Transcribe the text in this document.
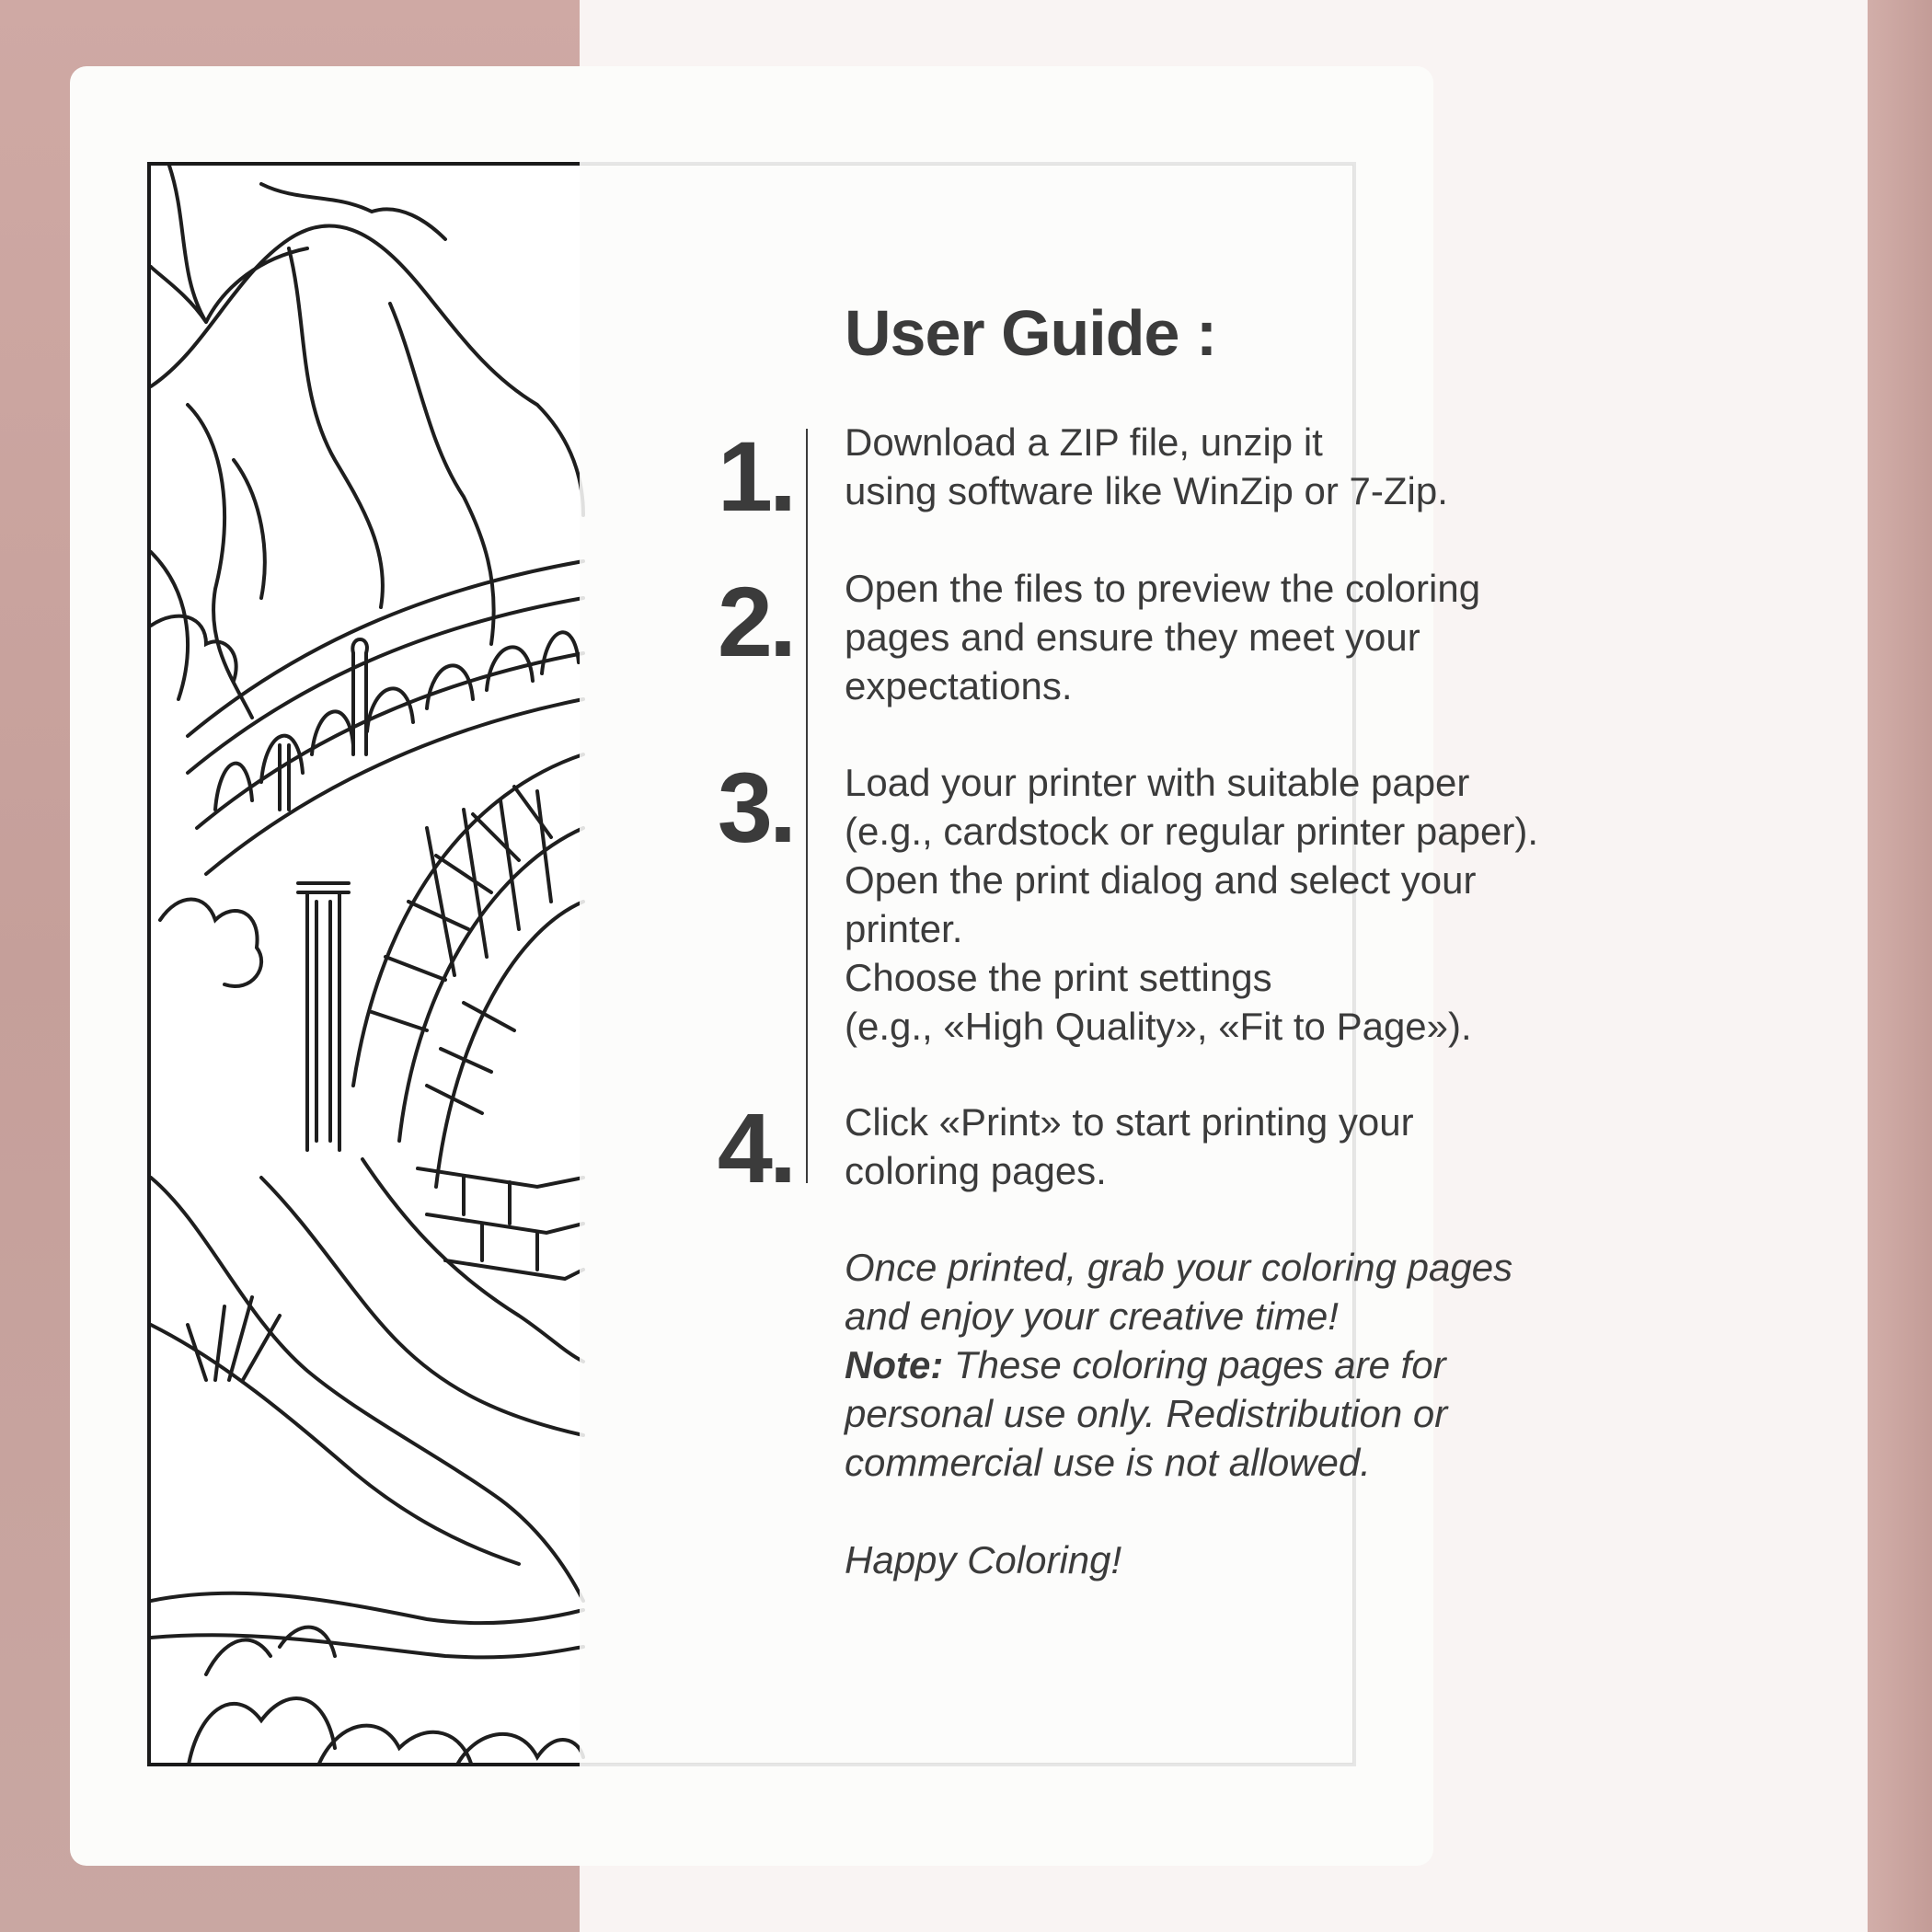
User Guide :
1. Download a ZIP file, unzip it
using software like WinZip or 7-Zip.
2. Open the files to preview the coloring
pages and ensure they meet your
expectations.
3. Load your printer with suitable paper
(e.g., cardstock or regular printer paper).
Open the print dialog and select your
printer.
Choose the print settings
(e.g., «High Quality», «Fit to Page»).
4. Click «Print» to start printing your
coloring pages.
Once printed, grab your coloring pages
and enjoy your creative time!
Note: These coloring pages are for
personal use only. Redistribution or
commercial use is not allowed.
Happy Coloring!
